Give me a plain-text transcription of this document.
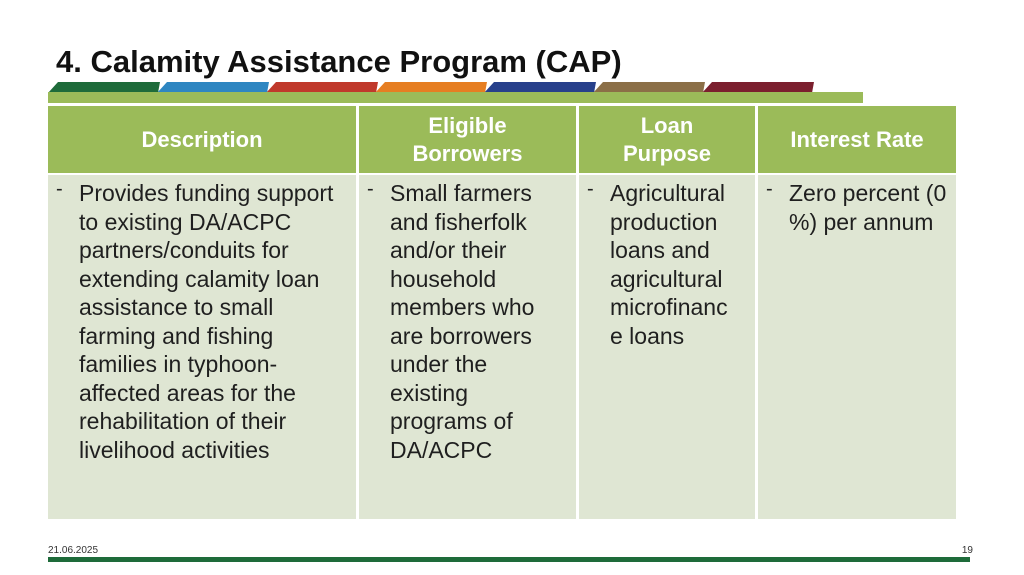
4. Calamity Assistance Program (CAP)
Description
Eligible
Borrowers
Loan
Purpose
Interest Rate
- Provides funding support to existing DA/ACPC partners/conduits for extending calamity loan assistance to small farming and fishing families in typhoon-affected areas for the rehabilitation of their livelihood activities
- Small farmers and fisherfolk and/or their household members who are borrowers under the existing programs of DA/ACPC
- Agricultural production loans and agricultural microfinanc
e loans
- Zero percent (0 %) per annum
21.06.2025	19
